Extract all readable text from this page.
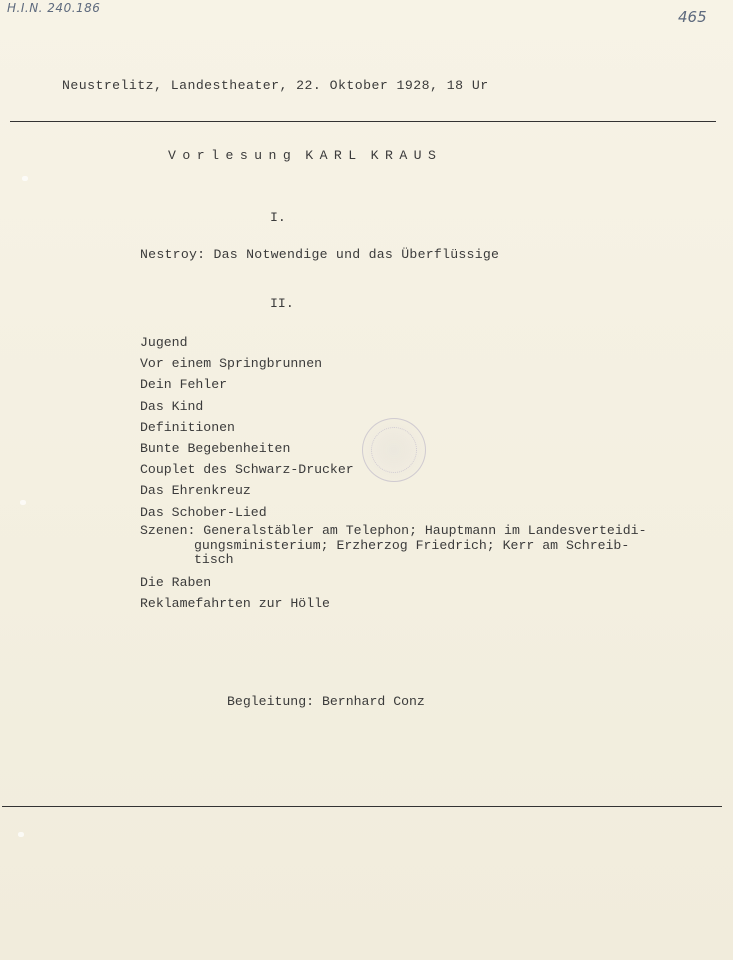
H.I.N. 240.186	465
Neustrelitz, Landestheater, 22. Oktober 1928, 18 Ur
Vorlesung KARL KRAUS
I.
Nestroy: Das Notwendige und das Überflüssige
II.
Jugend
Vor einem Springbrunnen
Dein Fehler
Das Kind
Definitionen
Bunte Begebenheiten
Couplet des Schwarz-Drucker
Das Ehrenkreuz
Das Schober-Lied
Szenen: Generalstäbler am Telephon; Hauptmann im Landesverteidi-
gungsministerium; Erzherzog Friedrich; Kerr am Schreib-
tisch
Die Raben
Reklamefahrten zur Hölle
Begleitung: Bernhard Conz
